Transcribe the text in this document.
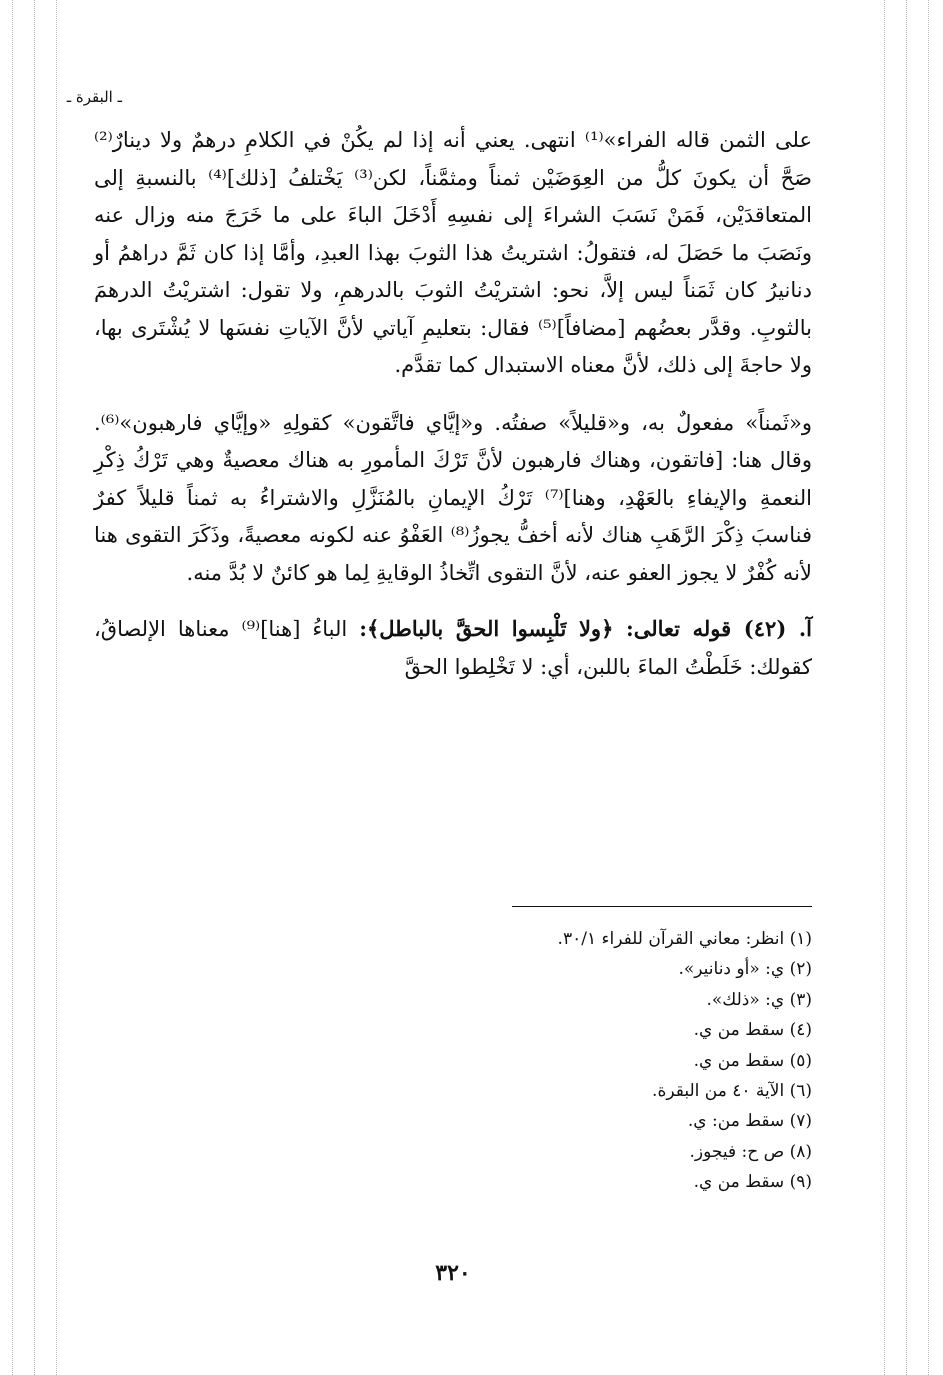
ـ البقرة ـ

على الثمن قاله الفراء»⁽¹⁾ انتهى. يعني أنه إذا لم يكُنْ في الكلامِ درهمٌ ولا دينارٌ⁽²⁾ صَحَّ أن يكونَ كلُّ من العِوَضَيْن ثمناً ومثمَّناً، لكن⁽³⁾ يَخْتلفُ [ذلك]⁽⁴⁾ بالنسبةِ إلى المتعاقدَيْن، فَمَنْ نَسَبَ الشراءَ إلى نفسِهِ أَدْخَلَ الباءَ على ما خَرَجَ منه وزال عنه ونَصَبَ ما حَصَلَ له، فتقولُ: اشتريتُ هذا الثوبَ بهذا العبدِ، وأمَّا إذا كان ثَمَّ دراهمُ أو دنانيرُ كان ثَمَناً ليس إلاَّ، نحو: اشتريْتُ الثوبَ بالدرهمِ، ولا تقول: اشتريْتُ الدرهمَ بالثوبِ. وقدَّر بعضُهم [مضافاً]⁽⁵⁾ فقال: بتعليمِ آياتي لأنَّ الآياتِ نفسَها لا يُشْتَرى بها، ولا حاجةَ إلى ذلك، لأنَّ معناه الاستبدال كما تقدَّم.

و«ثَمناً» مفعولٌ به، و«قليلاً» صفتُه. و«إيَّاي فاتَّقون» كقولِهِ «وإيَّاي فارهبون»⁽⁶⁾. وقال هنا: [فاتقون، وهناك فارهبون لأنَّ تَرْكَ المأمورِ به هناك معصيةٌ وهي تَرْكُ ذِكْرِ النعمةِ والإيفاءِ بالعَهْدِ، وهنا]⁽⁷⁾ تَرْكُ الإيمانِ بالمُنَزَّلِ والاشتراءُ به ثمناً قليلاً كفرٌ فناسبَ ذِكْرَ الرَّهَبِ هناك لأنه أخفُّ يجوزُ⁽⁸⁾ العَفْوُ عنه لكونه معصيةً، وذَكَرَ التقوى هنا لأنه كُفْرٌ لا يجوز العفو عنه، لأنَّ التقوى اتِّخاذُ الوقايةِ لِما هو كائنٌ لا بُدَّ منه.

آ. (٤٢) قوله تعالى: ﴿ولا تَلْبِسوا الحقَّ بالباطل﴾: الباءُ [هنا]⁽⁹⁾ معناها الإلصاقُ، كقولك: خَلَطْتُ الماءَ باللبن، أي: لا تَخْلِطوا الحقَّ

(١) انظر: معاني القرآن للفراء ٣٠/١.
(٢) ي: «أو دنانير».
(٣) ي: «ذلك».
(٤) سقط من ي.
(٥) سقط من ي.
(٦) الآية ٤٠ من البقرة.
(٧) سقط من: ي.
(٨) ص ح: فيجوز.
(٩) سقط من ي.
٣٢٠
